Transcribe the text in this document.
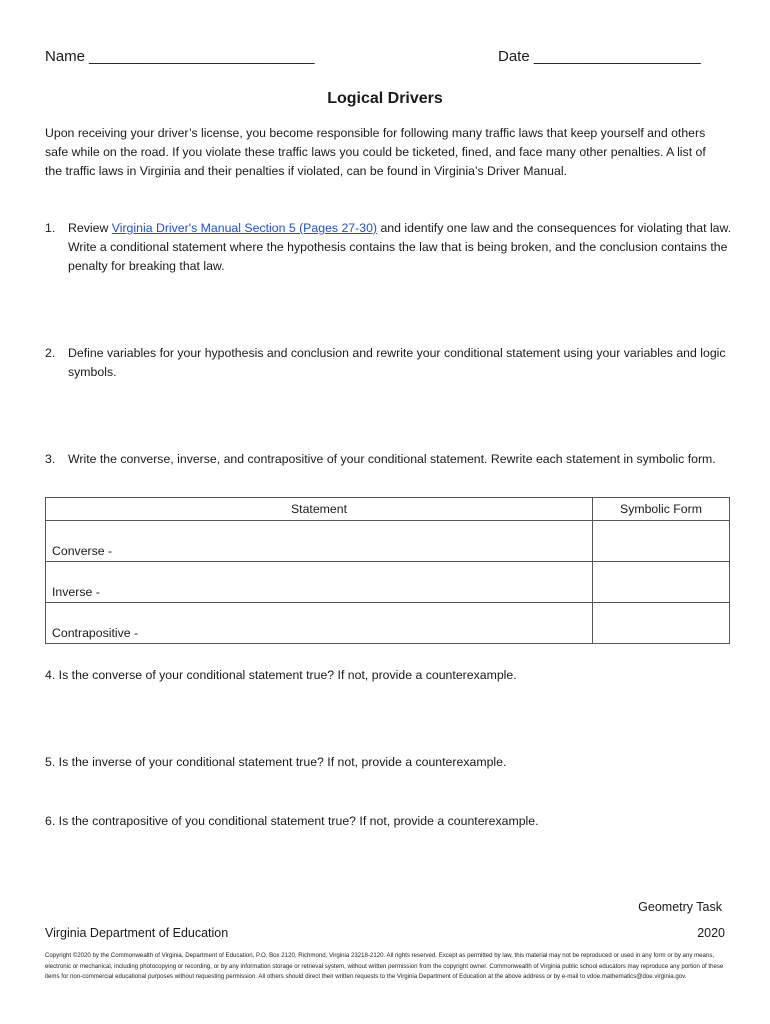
Name ___________________________	Date ____________________
Logical Drivers
Upon receiving your driver’s license, you become responsible for following many traffic laws that keep yourself and others safe while on the road. If you violate these traffic laws you could be ticketed, fined, and face many other penalties. A list of the traffic laws in Virginia and their penalties if violated, can be found in Virginia’s Driver Manual.
1. Review Virginia Driver's Manual Section 5 (Pages 27-30) and identify one law and the consequences for violating that law. Write a conditional statement where the hypothesis contains the law that is being broken, and the conclusion contains the penalty for breaking that law.
2. Define variables for your hypothesis and conclusion and rewrite your conditional statement using your variables and logic symbols.
3. Write the converse, inverse, and contrapositive of your conditional statement. Rewrite each statement in symbolic form.
Statement	Symbolic Form
Converse -	
Inverse -	
Contrapositive -	
4. Is the converse of your conditional statement true? If not, provide a counterexample.
5. Is the inverse of your conditional statement true? If not, provide a counterexample.
6. Is the contrapositive of you conditional statement true? If not, provide a counterexample.
Geometry Task
Virginia Department of Education	2020
Copyright ©2020 by the Commonwealth of Virginia, Department of Education, P.O. Box 2120, Richmond, Virginia 23218-2120. All rights reserved. Except as permitted by law, this material may not be reproduced or used in any form or by any means, electronic or mechanical, including photocopying or recording, or by any information storage or retrieval system, without written permission from the copyright owner. Commonwealth of Virginia public school educators may reproduce any portion of these items for non-commercial educational purposes without requesting permission. All others should direct their written requests to the Virginia Department of Education at the above address or by e-mail to vdoe.mathematics@doe.virginia.gov.
